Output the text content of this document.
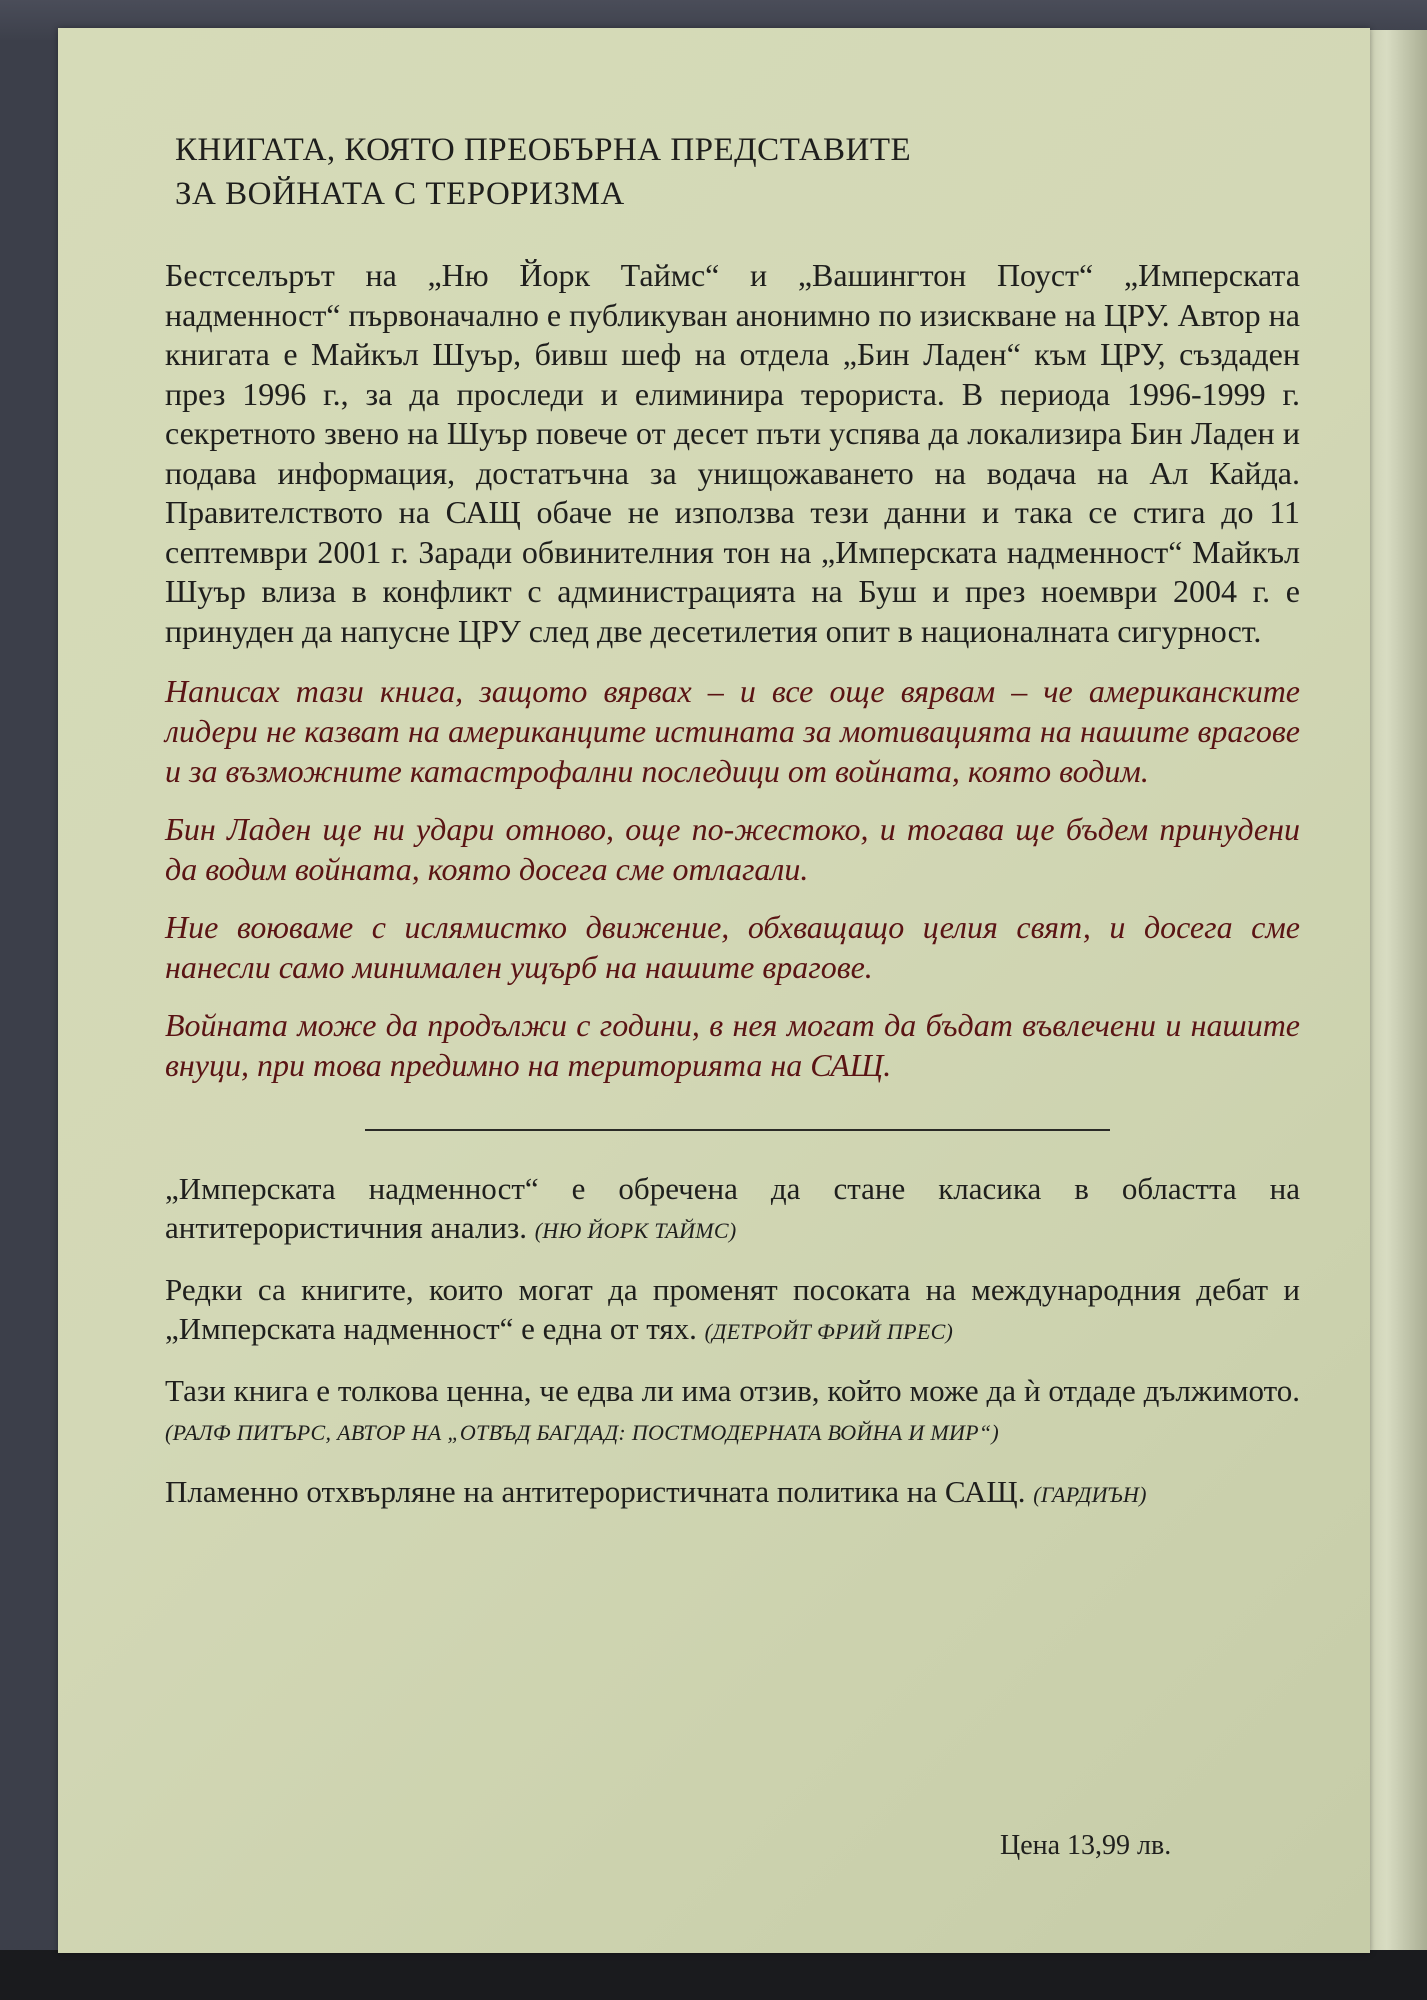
КНИГАТА, КОЯТО ПРЕОБЪРНА ПРЕДСТАВИТЕ
ЗА ВОЙНАТА С ТЕРОРИЗМА

Бестселърът на „Ню Йорк Таймс“ и „Вашингтон Поуст“ „Имперската надменност“ първоначално е публикуван анонимно по изискване на ЦРУ. Автор на книгата е Майкъл Шуър, бивш шеф на отдела „Бин Ладен“ към ЦРУ, създаден през 1996 г., за да проследи и елиминира терориста. В периода 1996-1999 г. секретното звено на Шуър повече от десет пъти успява да локализира Бин Ладен и подава информация, достатъчна за унищожаването на водача на Ал Кайда. Правителството на САЩ обаче не използва тези данни и така се стига до 11 септември 2001 г. Заради обвинителния тон на „Имперската надменност“ Майкъл Шуър влиза в конфликт с администрацията на Буш и през ноември 2004 г. е принуден да напусне ЦРУ след две десетилетия опит в националната сигурност.

Написах тази книга, защото вярвах – и все още вярвам – че американските лидери не казват на американците истината за мотивацията на нашите врагове и за възможните катастрофални последици от войната, която водим.

Бин Ладен ще ни удари отново, още по-жестоко, и тогава ще бъдем принудени да водим войната, която досега сме отлагали.

Ние воюваме с ислямистко движение, обхващащо целия свят, и досега сме нанесли само минимален ущърб на нашите врагове.

Войната може да продължи с години, в нея могат да бъдат въвлечени и нашите внуци, при това предимно на територията на САЩ.

„Имперската надменност“ е обречена да стане класика в областта на антитерористичния анализ. (НЮ ЙОРК ТАЙМС)

Редки са книгите, които могат да променят посоката на международния дебат и „Имперската надменност“ е една от тях. (ДЕТРОЙТ ФРИЙ ПРЕС)

Тази книга е толкова ценна, че едва ли има отзив, който може да ѝ отдаде дължимото. (РАЛФ ПИТЪРС, АВТОР НА „ОТВЪД БАГДАД: ПОСТМОДЕРНАТА ВОЙНА И МИР“)

Пламенно отхвърляне на антитерористичната политика на САЩ. (ГАРДИЪН)

Цена 13,99 лв.
